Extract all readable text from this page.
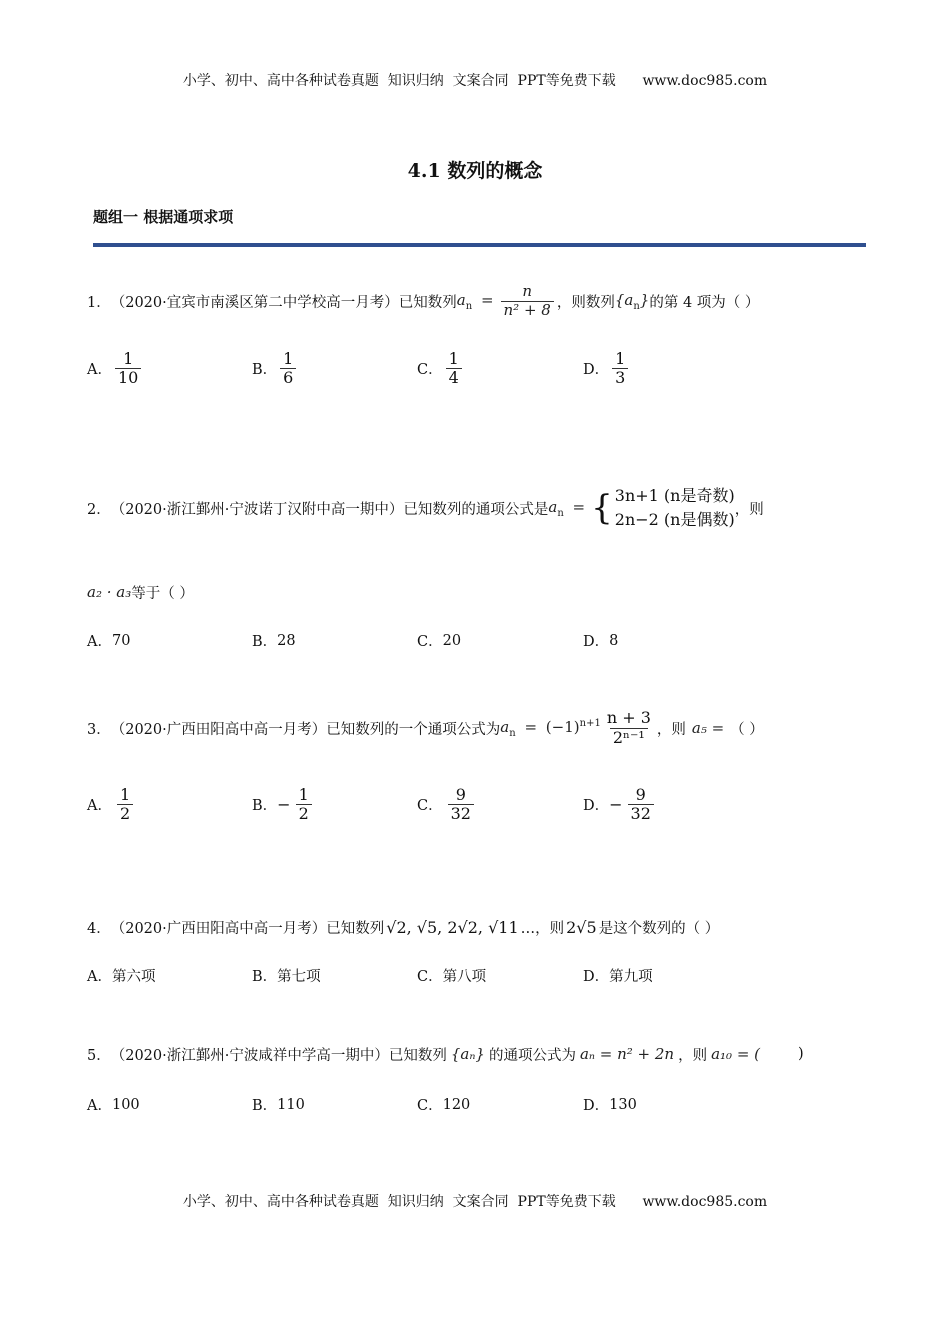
小学、初中、高中各种试卷真题  知识归纳  文案合同  PPT等免费下载      www.doc985.com
4.1 数列的概念
题组一 根据通项求项
1． （2020·宜宾市南溪区第二中学校高一月考） 已知数列 $a_n = \frac{n}{\text{n² + 8}}$ ，则数列 $\{a_n\}$ 的第 4 项为（ ）
A． $\frac{1}{10}$	B． $\frac{1}{6}$	C． $\frac{1}{4}$	D． $\frac{1}{3}$
2． （2020·浙江鄞州·宁波诺丁汉附中高一期中） 已知数列的通项公式是 $a_n$ = { 3n+1 (n是奇数)
2n−2 (n是偶数)
，则
a₂ · a₃ 等于（ ）
A． 70	B． 28	C． 20	D． 8
3． （2020·广西田阳高中高一月考） 已知数列的一个通项公式为 $a_n = (-1)^{n+1} \frac{n + 3}{\text{2ⁿ⁻¹}}$ ，则 a₅ = （ ）
A． $\frac{1}{2}$	B． − $\frac{1}{2}$	C． $\frac{9}{32}$	D． − $\frac{9}{32}$
4． （2020·广西田阳高中高一月考） 已知数列 √2, √5, 2√2, √11 …，则 2√5 是这个数列的（ ）
A． 第六项	B． 第七项	C． 第八项	D． 第九项
5． （2020·浙江鄞州·宁波咸祥中学高一期中） 已知数列 {aₙ} 的通项公式为 aₙ = n² + 2n ，则 a₁₀ = (	)
A． 100	B． 110	C． 120	D． 130
小学、初中、高中各种试卷真题  知识归纳  文案合同  PPT等免费下载      www.doc985.com
